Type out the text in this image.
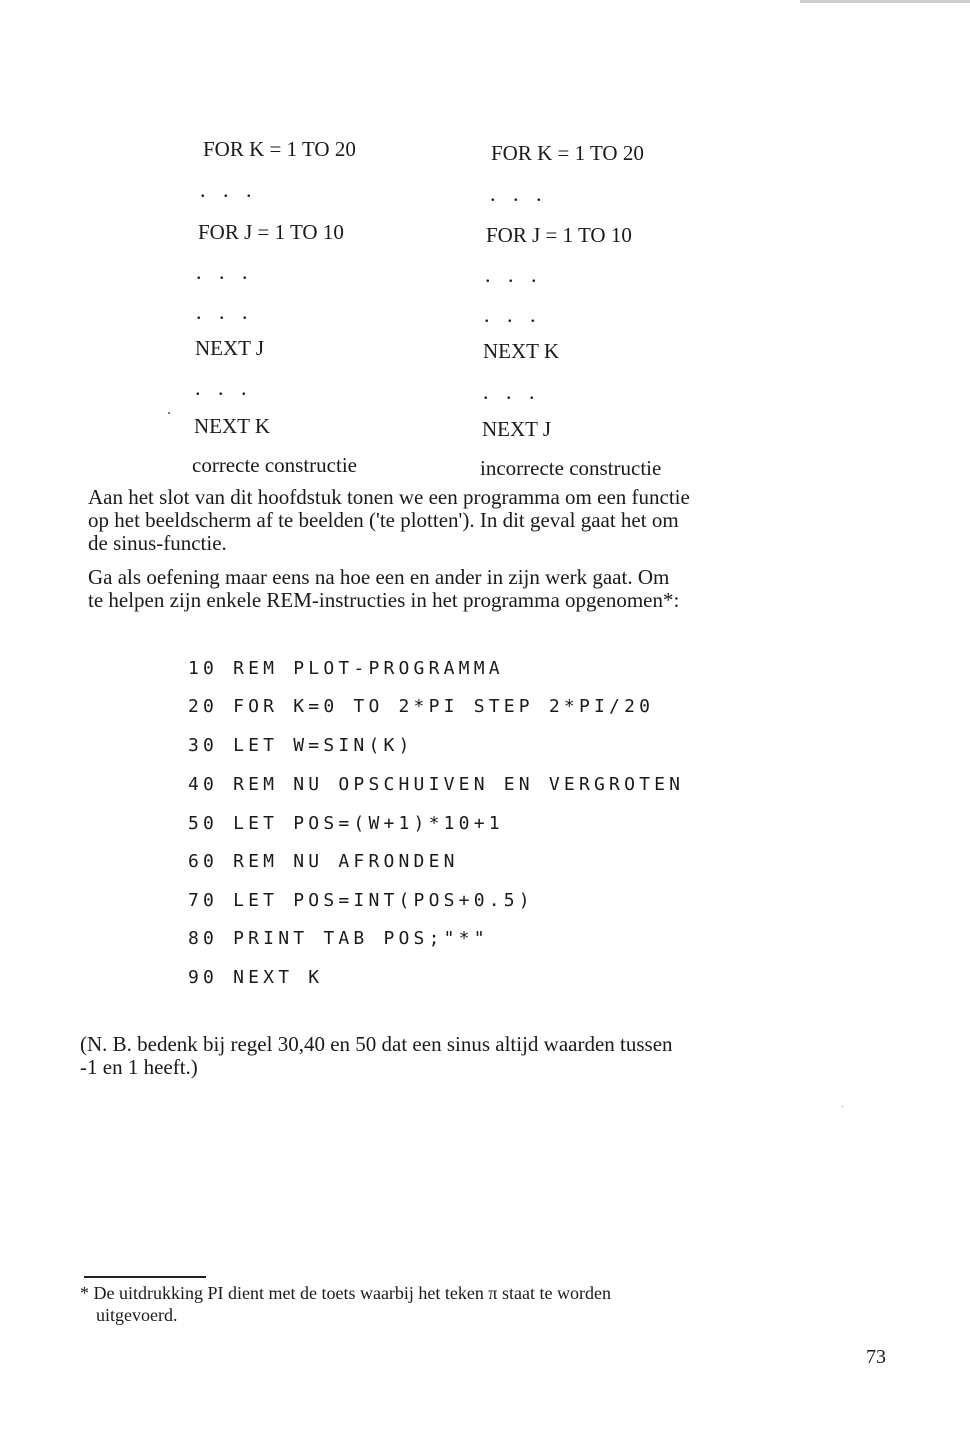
FOR K = 1 TO 20
. . .
FOR J = 1 TO 10
. . .
. . .
NEXT J
. . .
NEXT K
correcte constructie
FOR K = 1 TO 20
. . .
FOR J = 1 TO 10
. . .
. . .
NEXT K
. . .
NEXT J
incorrecte constructie
Aan het slot van dit hoofdstuk tonen we een programma om een functie
op het beeldscherm af te beelden ('te plotten'). In dit geval gaat het om
de sinus-functie.
Ga als oefening maar eens na hoe een en ander in zijn werk gaat. Om
te helpen zijn enkele REM-instructies in het programma opgenomen*:
10 REM PLOT-PROGRAMMA
20 FOR K=0 TO 2*PI STEP 2*PI/20
30 LET W=SIN(K)
40 REM NU OPSCHUIVEN EN VERGROTEN
50 LET POS=(W+1)*10+1
60 REM NU AFRONDEN
70 LET POS=INT(POS+0.5)
80 PRINT TAB POS;"*"
90 NEXT K
(N. B. bedenk bij regel 30,40 en 50 dat een sinus altijd waarden tussen
-1 en 1 heeft.)
* De uitdrukking PI dient met de toets waarbij het teken π staat te worden
uitgevoerd.
73
